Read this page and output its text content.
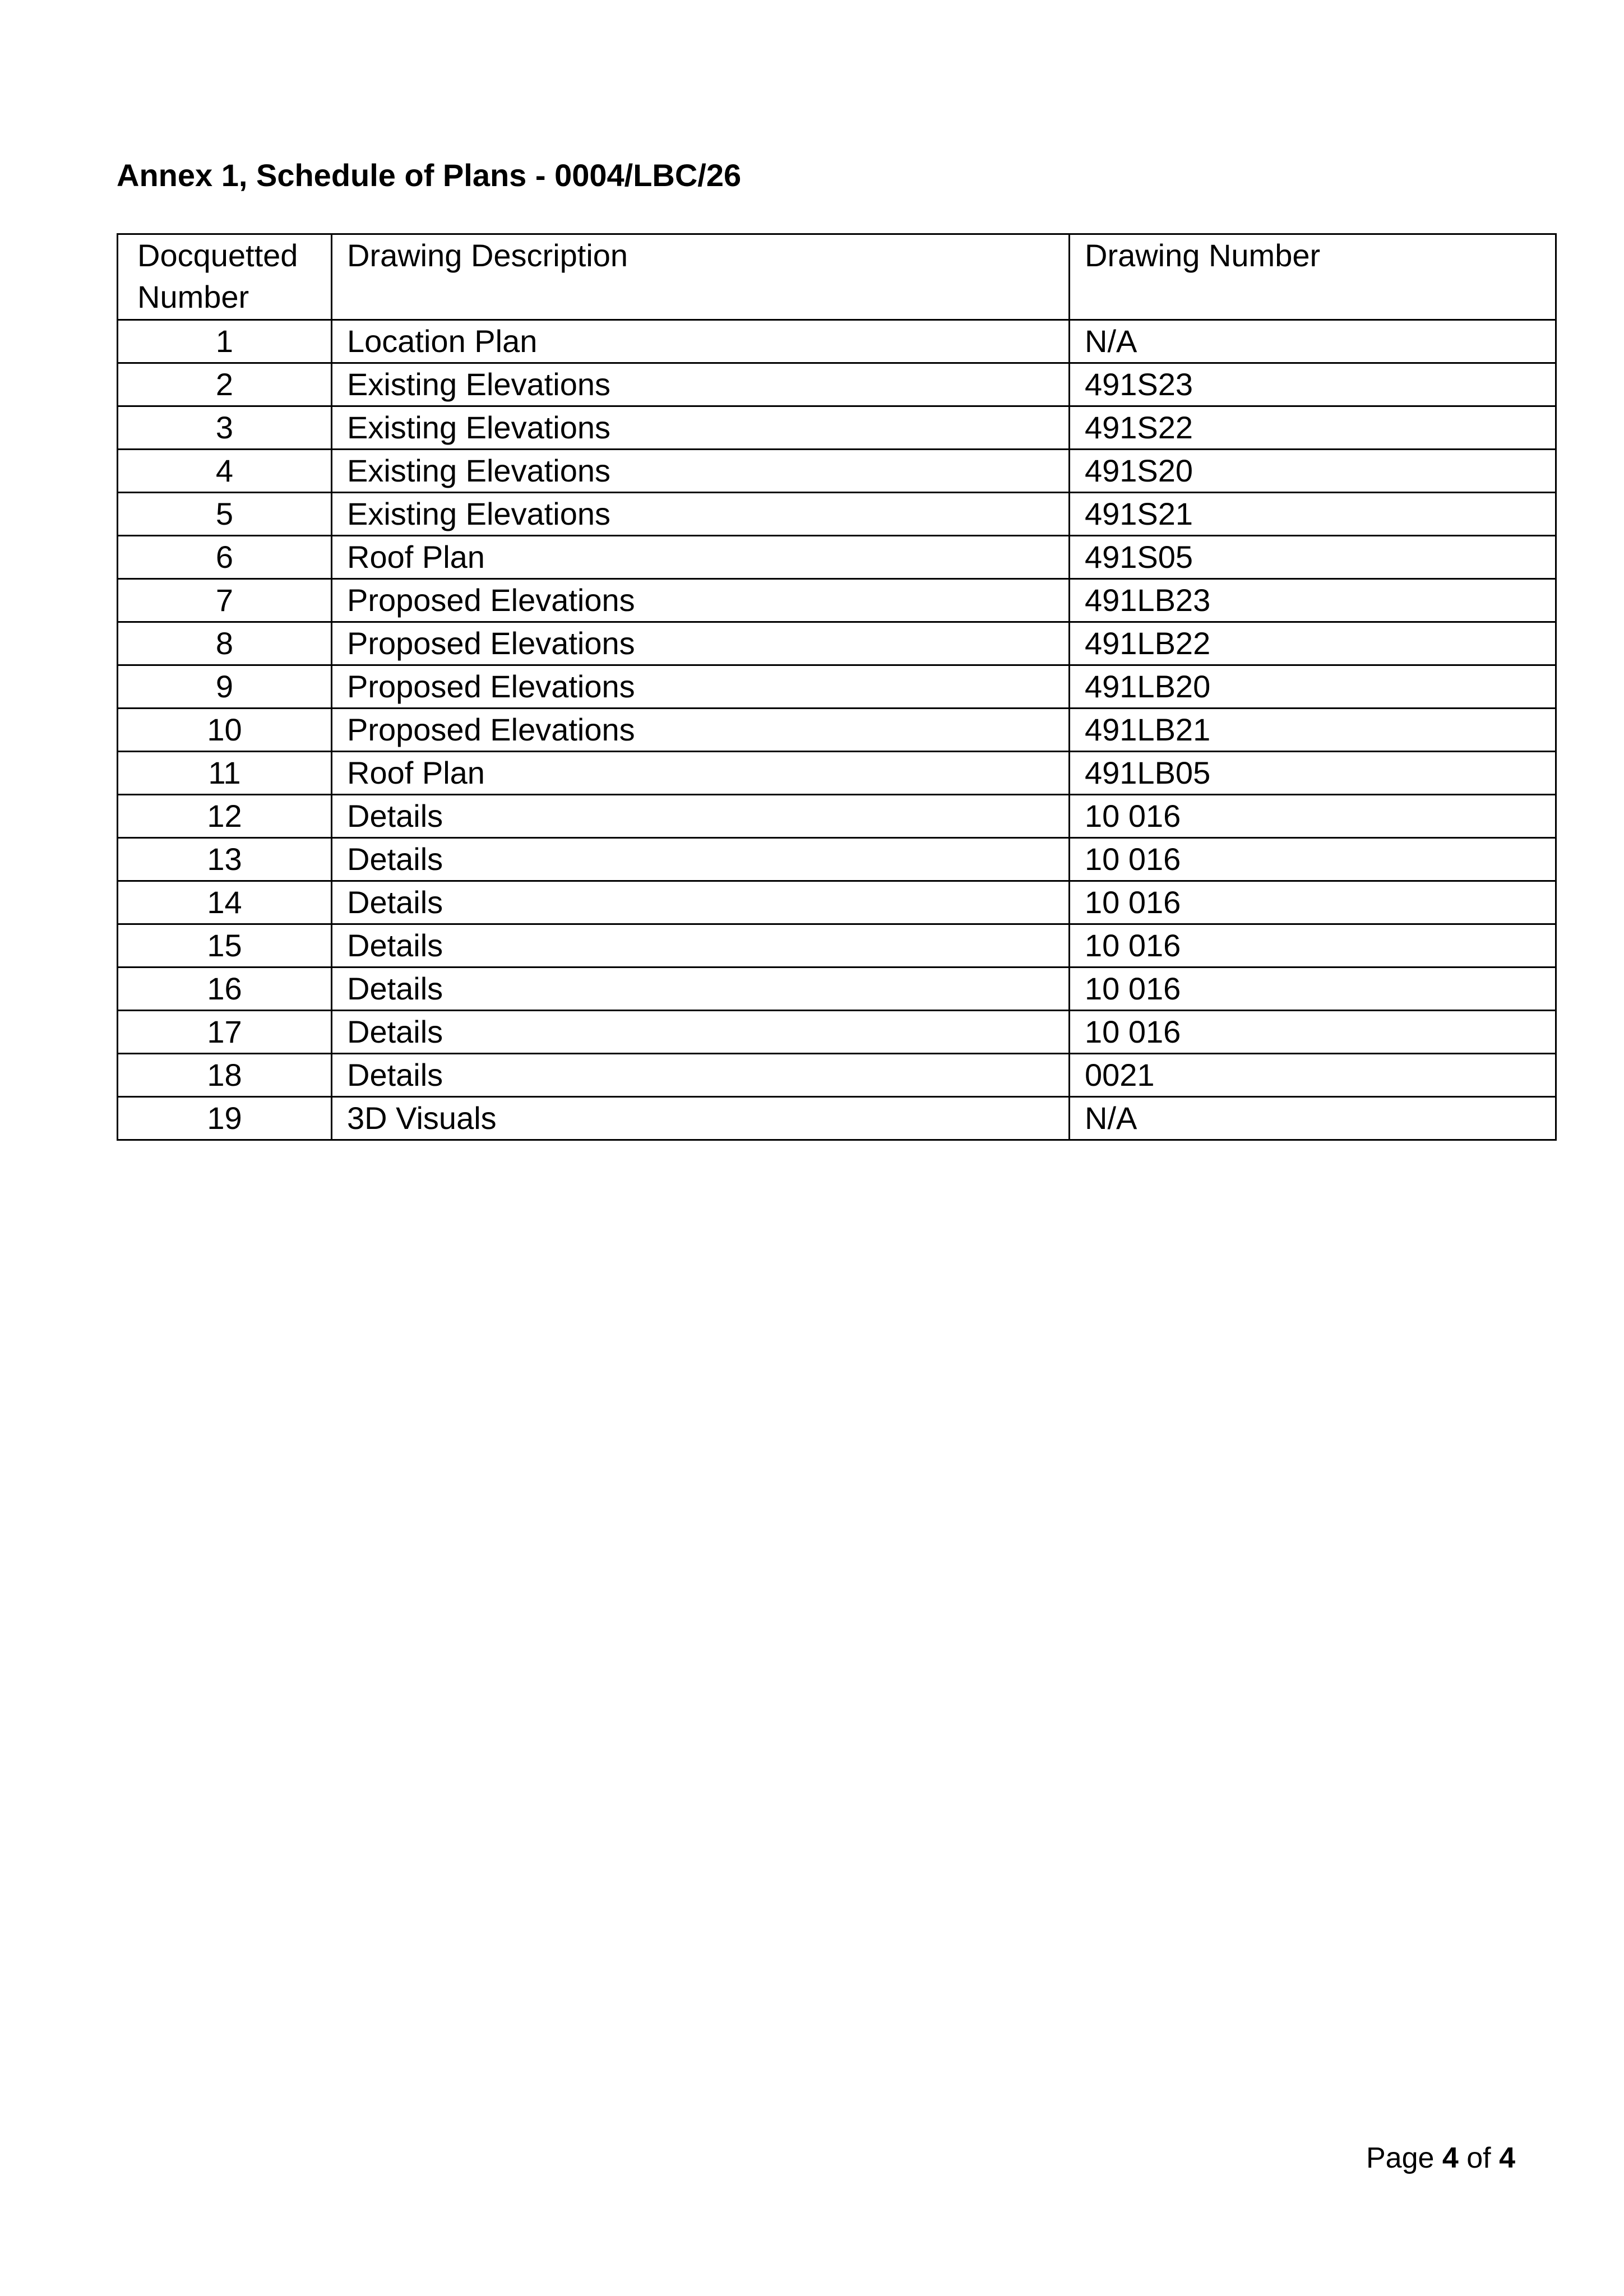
Annex 1, Schedule of Plans - 0004/LBC/26
Docquetted Number	Drawing Description	Drawing Number
1	Location Plan	N/A
2	Existing Elevations	491S23
3	Existing Elevations	491S22
4	Existing Elevations	491S20
5	Existing Elevations	491S21
6	Roof Plan	491S05
7	Proposed Elevations	491LB23
8	Proposed Elevations	491LB22
9	Proposed Elevations	491LB20
10	Proposed Elevations	491LB21
11	Roof Plan	491LB05
12	Details	10 016
13	Details	10 016
14	Details	10 016
15	Details	10 016
16	Details	10 016
17	Details	10 016
18	Details	0021
19	3D Visuals	N/A
Page 4 of 4
